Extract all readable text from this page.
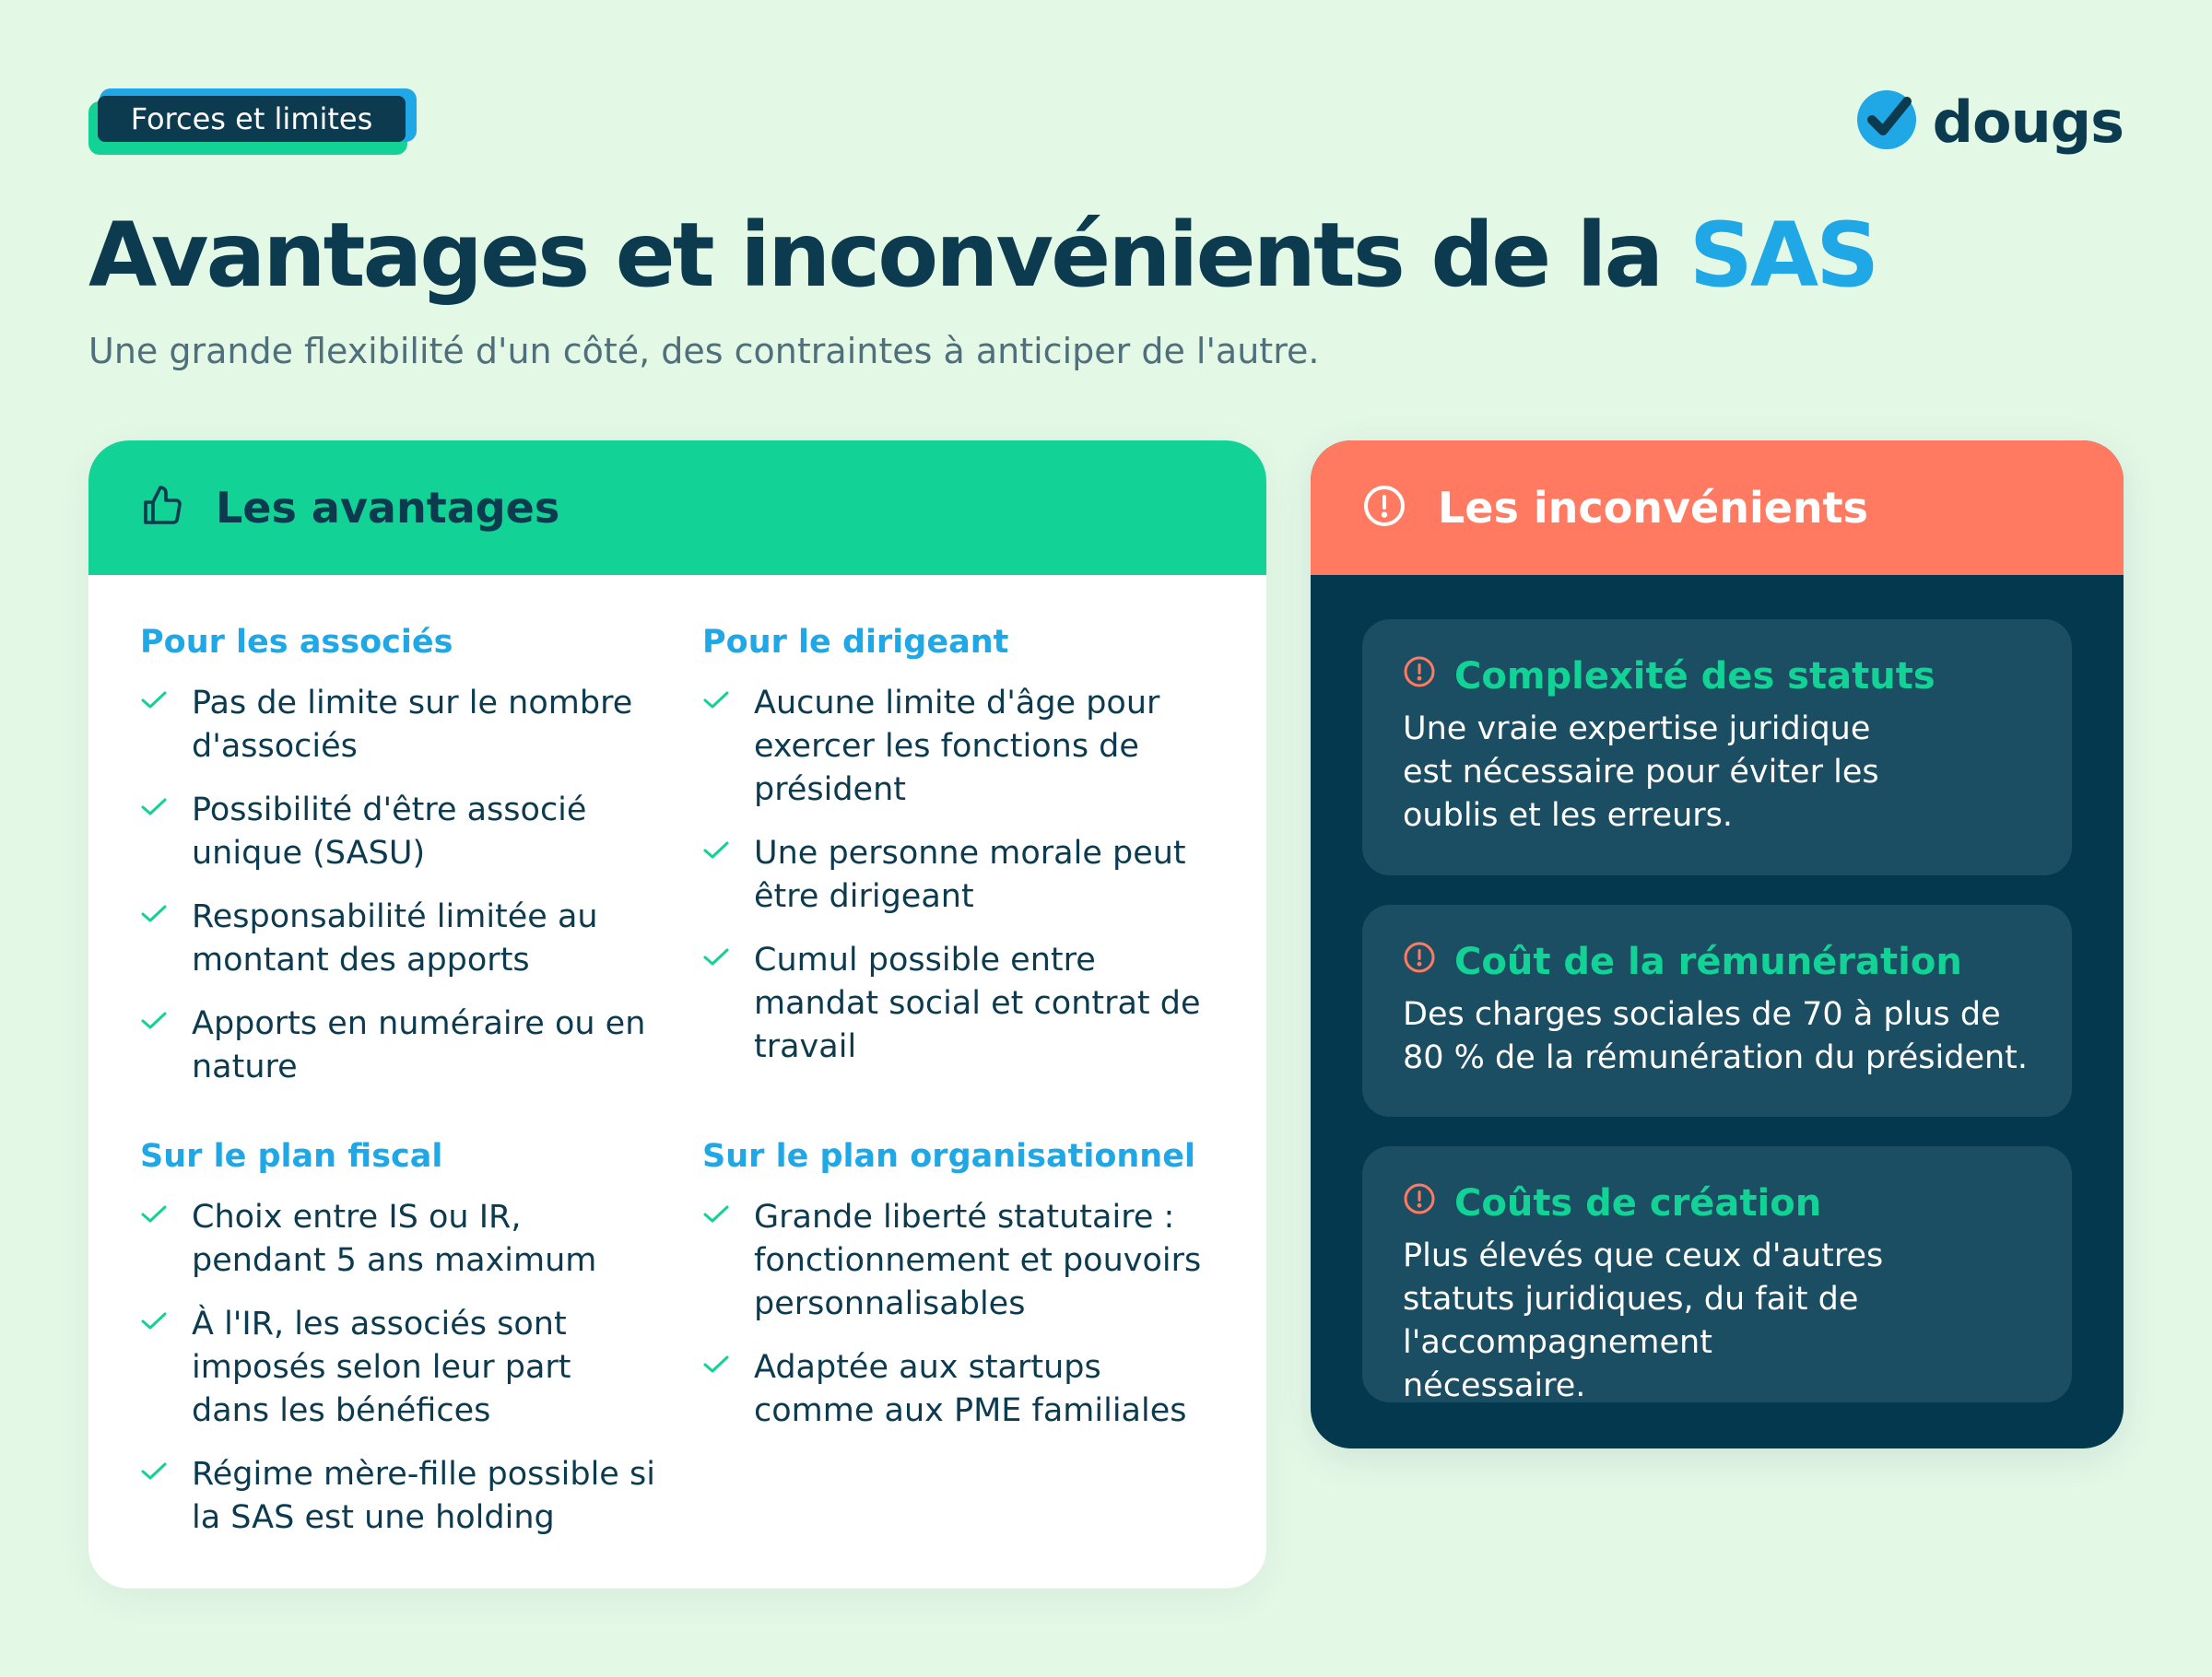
Forces et limites	dougs
Avantages et inconvénients de la SAS

Une grande flexibilité d'un côté, des contraintes à anticiper de l'autre.

Les avantages
Pour les associés
Pas de limite sur le nombre d'associés
Possibilité d'être associé unique (SASU)
Responsabilité limitée au montant des apports
Apports en numéraire ou en nature
Pour le dirigeant
Aucune limite d'âge pour exercer les fonctions de président
Une personne morale peut être dirigeant
Cumul possible entre mandat social et contrat de travail
Sur le plan fiscal
Choix entre IS ou IR, pendant 5 ans maximum
À l'IR, les associés sont imposés selon leur part dans les bénéfices
Régime mère-fille possible si la SAS est une holding
Sur le plan organisationnel
Grande liberté statutaire : fonctionnement et pouvoirs personnalisables
Adaptée aux startups comme aux PME familiales
Les inconvénients
Complexité des statuts
Une vraie expertise juridique est nécessaire pour éviter les oublis et les erreurs.
Coût de la rémunération
Des charges sociales de 70 à plus de 80 % de la rémunération du président.
Coûts de création
Plus élevés que ceux d'autres statuts juridiques, du fait de l'accompagnement nécessaire.
